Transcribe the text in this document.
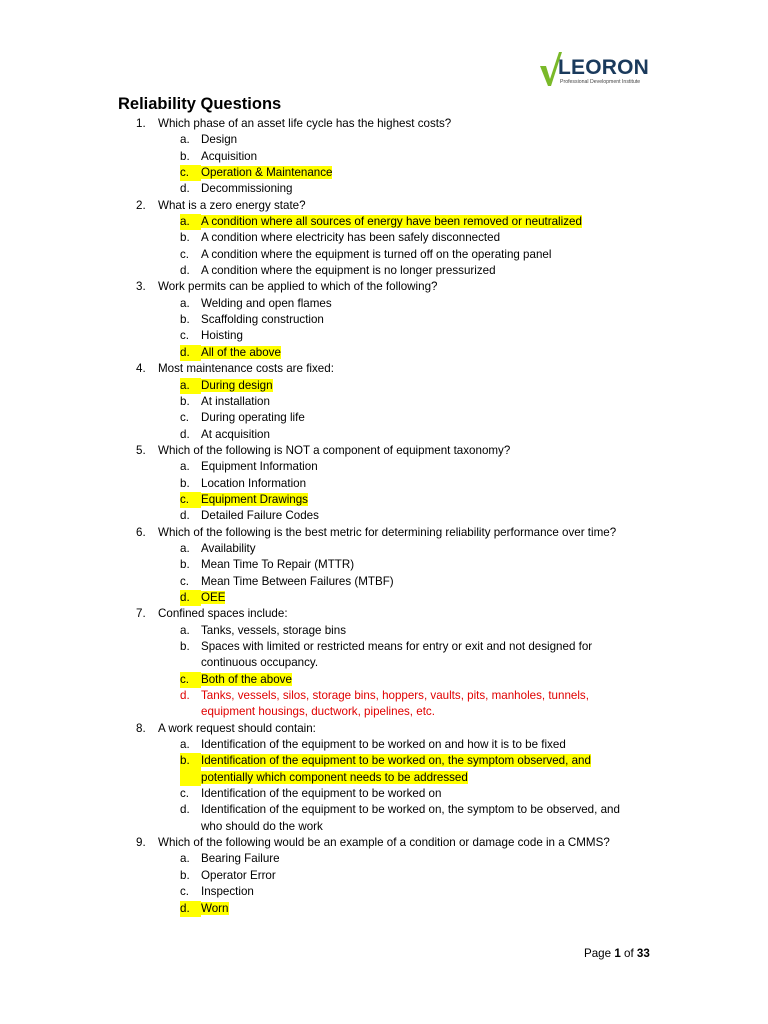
LEORON
Professional Development Institute
Reliability Questions
1.	Which phase of an asset life cycle has the highest costs?
a. Design
b. Acquisition
c.	Operation & Maintenance
d. Decommissioning
2.	What is a zero energy state?
a. A condition where all sources of energy have been removed or neutralized
b. A condition where electricity has been safely disconnected
c.	A condition where the equipment is turned off on the operating panel
d. A condition where the equipment is no longer pressurized
3.	Work permits can be applied to which of the following?
a. Welding and open flames
b. Scaffolding construction
c.	Hoisting
d. All of the above
4.	Most maintenance costs are fixed:
a. During design
b. At installation
c.	During operating life
d. At acquisition
5.	Which of the following is NOT a component of equipment taxonomy?
a. Equipment Information
b. Location Information
c.	Equipment Drawings
d. Detailed Failure Codes
6.	Which of the following is the best metric for determining reliability performance over time?
a. Availability
b. Mean Time To Repair (MTTR)
c.	Mean Time Between Failures (MTBF)
d. OEE
7.	Confined spaces include:
a. Tanks, vessels, storage bins
b. Spaces with limited or restricted means for entry or exit and not designed for continuous occupancy.
c.	Both of the above
d. Tanks, vessels, silos, storage bins, hoppers, vaults, pits, manholes, tunnels, equipment housings, ductwork, pipelines, etc.
8.	A work request should contain:
a. Identification of the equipment to be worked on and how it is to be fixed
b. Identification of the equipment to be worked on, the symptom observed, and potentially which component needs to be addressed
c.	Identification of the equipment to be worked on
d. Identification of the equipment to be worked on, the symptom to be observed, and who should do the work
9.	Which of the following would be an example of a condition or damage code in a CMMS?
a. Bearing Failure
b. Operator Error
c.	Inspection
d. Worn
Page 1 of 33
